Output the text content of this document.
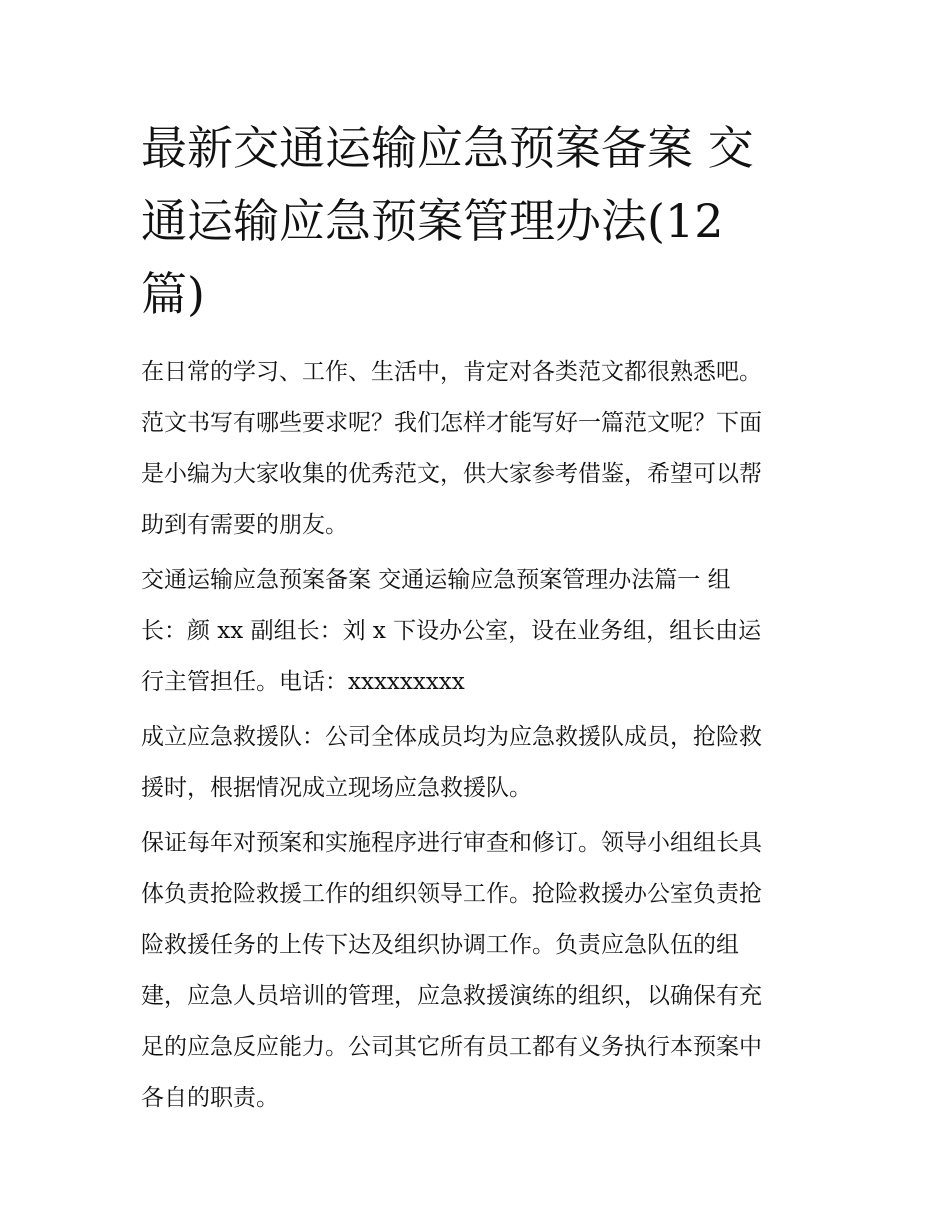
最新交通运输应急预案备案 交
通运输应急预案管理办法(12
篇)

在日常的学习、工作、生活中，肯定对各类范文都很熟悉吧。
范文书写有哪些要求呢？我们怎样才能写好一篇范文呢？下面
是小编为大家收集的优秀范文，供大家参考借鉴，希望可以帮
助到有需要的朋友。

交通运输应急预案备案 交通运输应急预案管理办法篇一 组
长：颜 xx 副组长：刘 x 下设办公室，设在业务组，组长由运
行主管担任。电话：xxxxxxxxx

成立应急救援队：公司全体成员均为应急救援队成员，抢险救
援时，根据情况成立现场应急救援队。

保证每年对预案和实施程序进行审查和修订。领导小组组长具
体负责抢险救援工作的组织领导工作。抢险救援办公室负责抢
险救援任务的上传下达及组织协调工作。负责应急队伍的组
建，应急人员培训的管理，应急救援演练的组织，以确保有充
足的应急反应能力。公司其它所有员工都有义务执行本预案中
各自的职责。
